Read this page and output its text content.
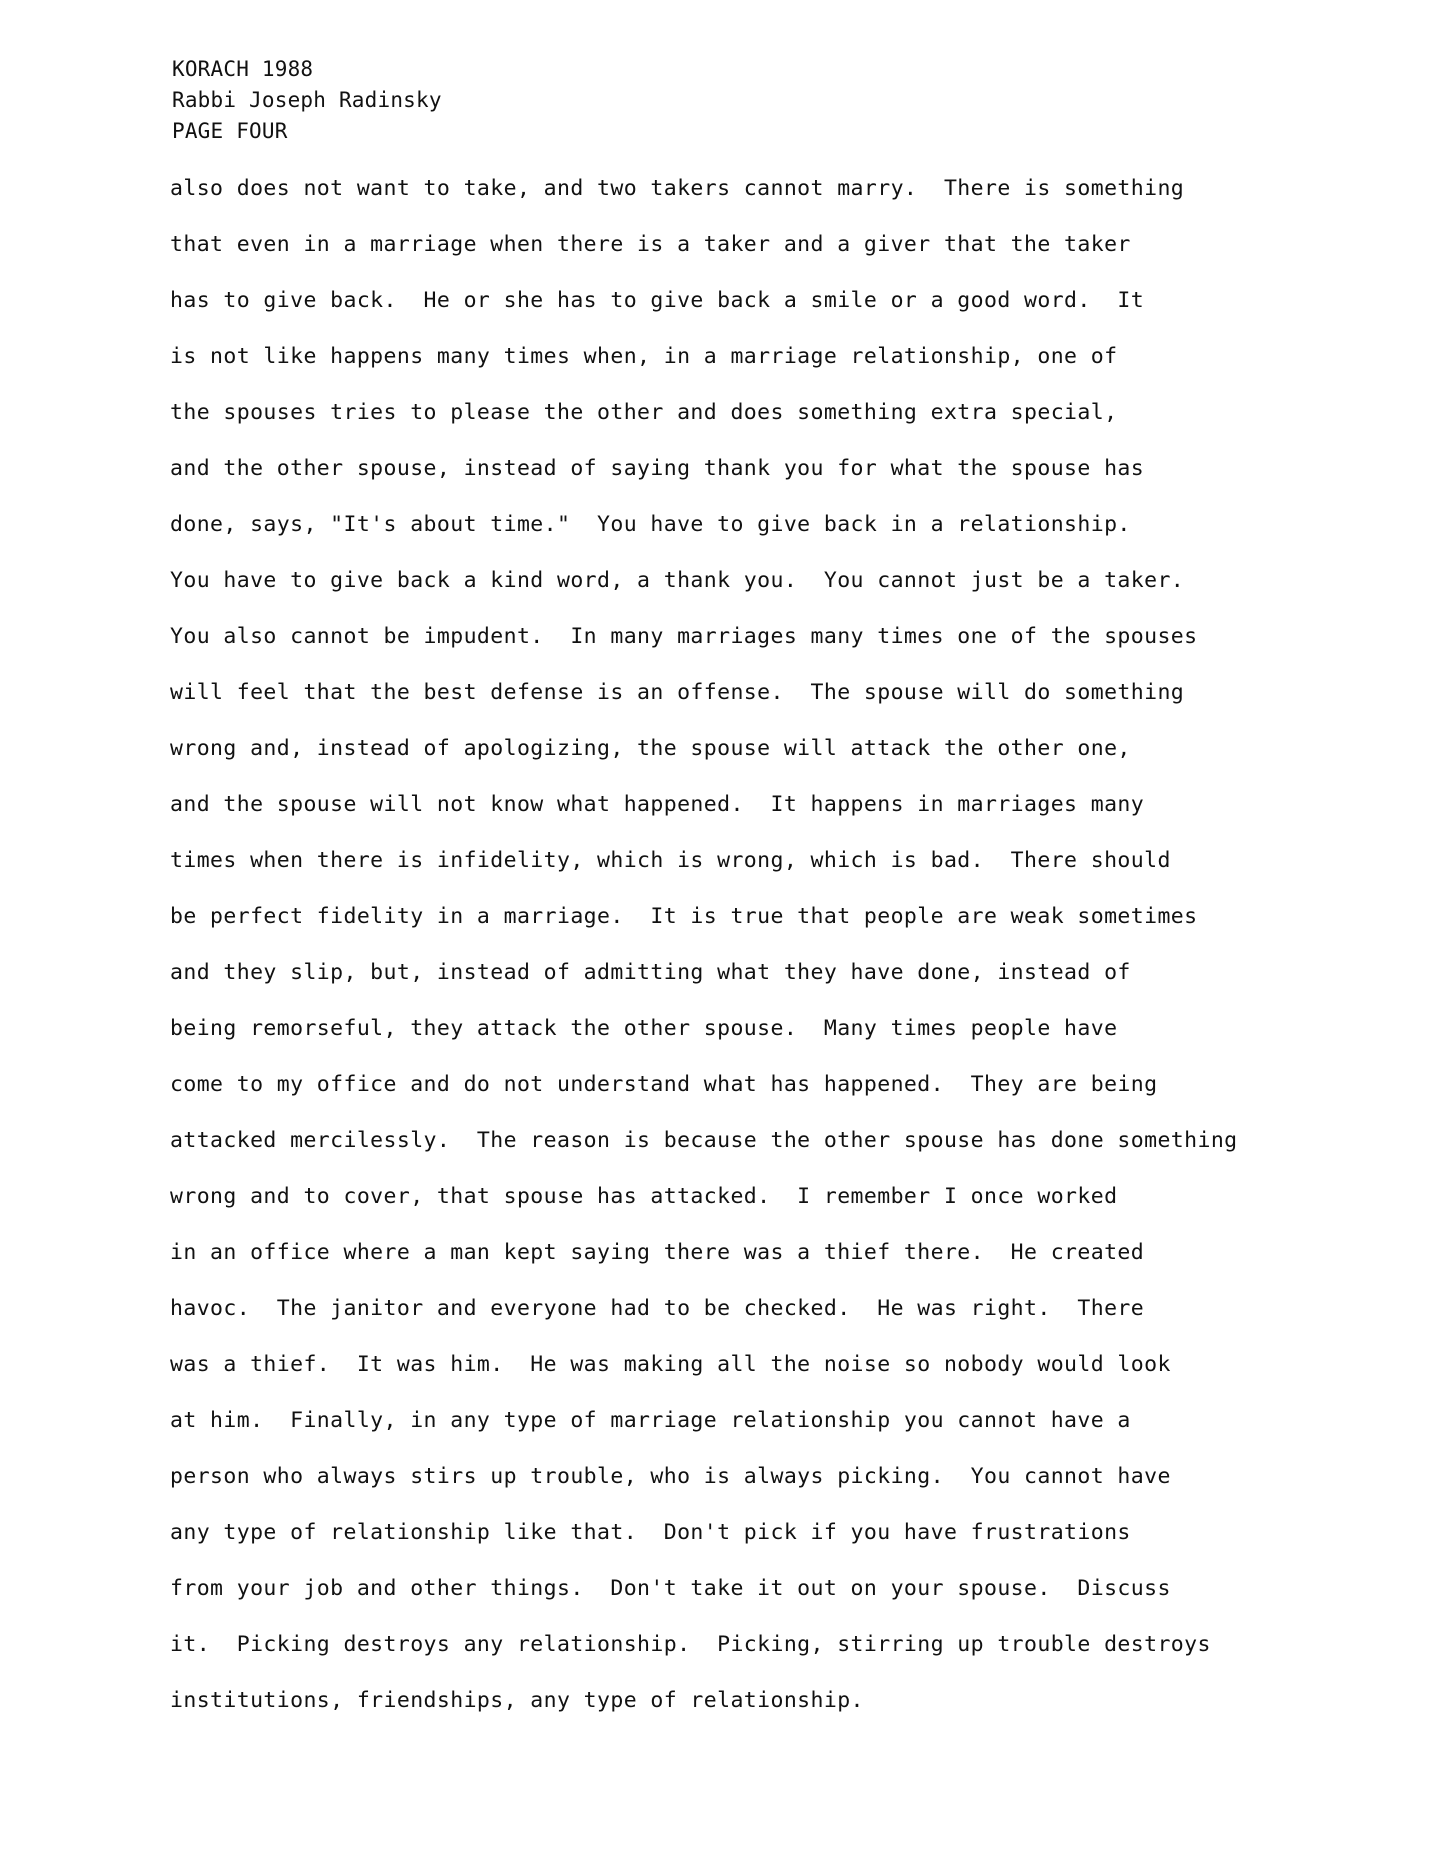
KORACH 1988
Rabbi Joseph Radinsky
PAGE FOUR
also does not want to take, and two takers cannot marry.  There is something
that even in a marriage when there is a taker and a giver that the taker
has to give back.  He or she has to give back a smile or a good word.  It
is not like happens many times when, in a marriage relationship, one of
the spouses tries to please the other and does something extra special,
and the other spouse, instead of saying thank you for what the spouse has
done, says, "It's about time."  You have to give back in a relationship.
You have to give back a kind word, a thank you.  You cannot just be a taker.
You also cannot be impudent.  In many marriages many times one of the spouses
will feel that the best defense is an offense.  The spouse will do something
wrong and, instead of apologizing, the spouse will attack the other one,
and the spouse will not know what happened.  It happens in marriages many
times when there is infidelity, which is wrong, which is bad.  There should
be perfect fidelity in a marriage.  It is true that people are weak sometimes
and they slip, but, instead of admitting what they have done, instead of
being remorseful, they attack the other spouse.  Many times people have
come to my office and do not understand what has happened.  They are being
attacked mercilessly.  The reason is because the other spouse has done something
wrong and to cover, that spouse has attacked.  I remember I once worked
in an office where a man kept saying there was a thief there.  He created
havoc.  The janitor and everyone had to be checked.  He was right.  There
was a thief.  It was him.  He was making all the noise so nobody would look
at him.  Finally, in any type of marriage relationship you cannot have a
person who always stirs up trouble, who is always picking.  You cannot have
any type of relationship like that.  Don't pick if you have frustrations
from your job and other things.  Don't take it out on your spouse.  Discuss
it.  Picking destroys any relationship.  Picking, stirring up trouble destroys
institutions, friendships, any type of relationship.
